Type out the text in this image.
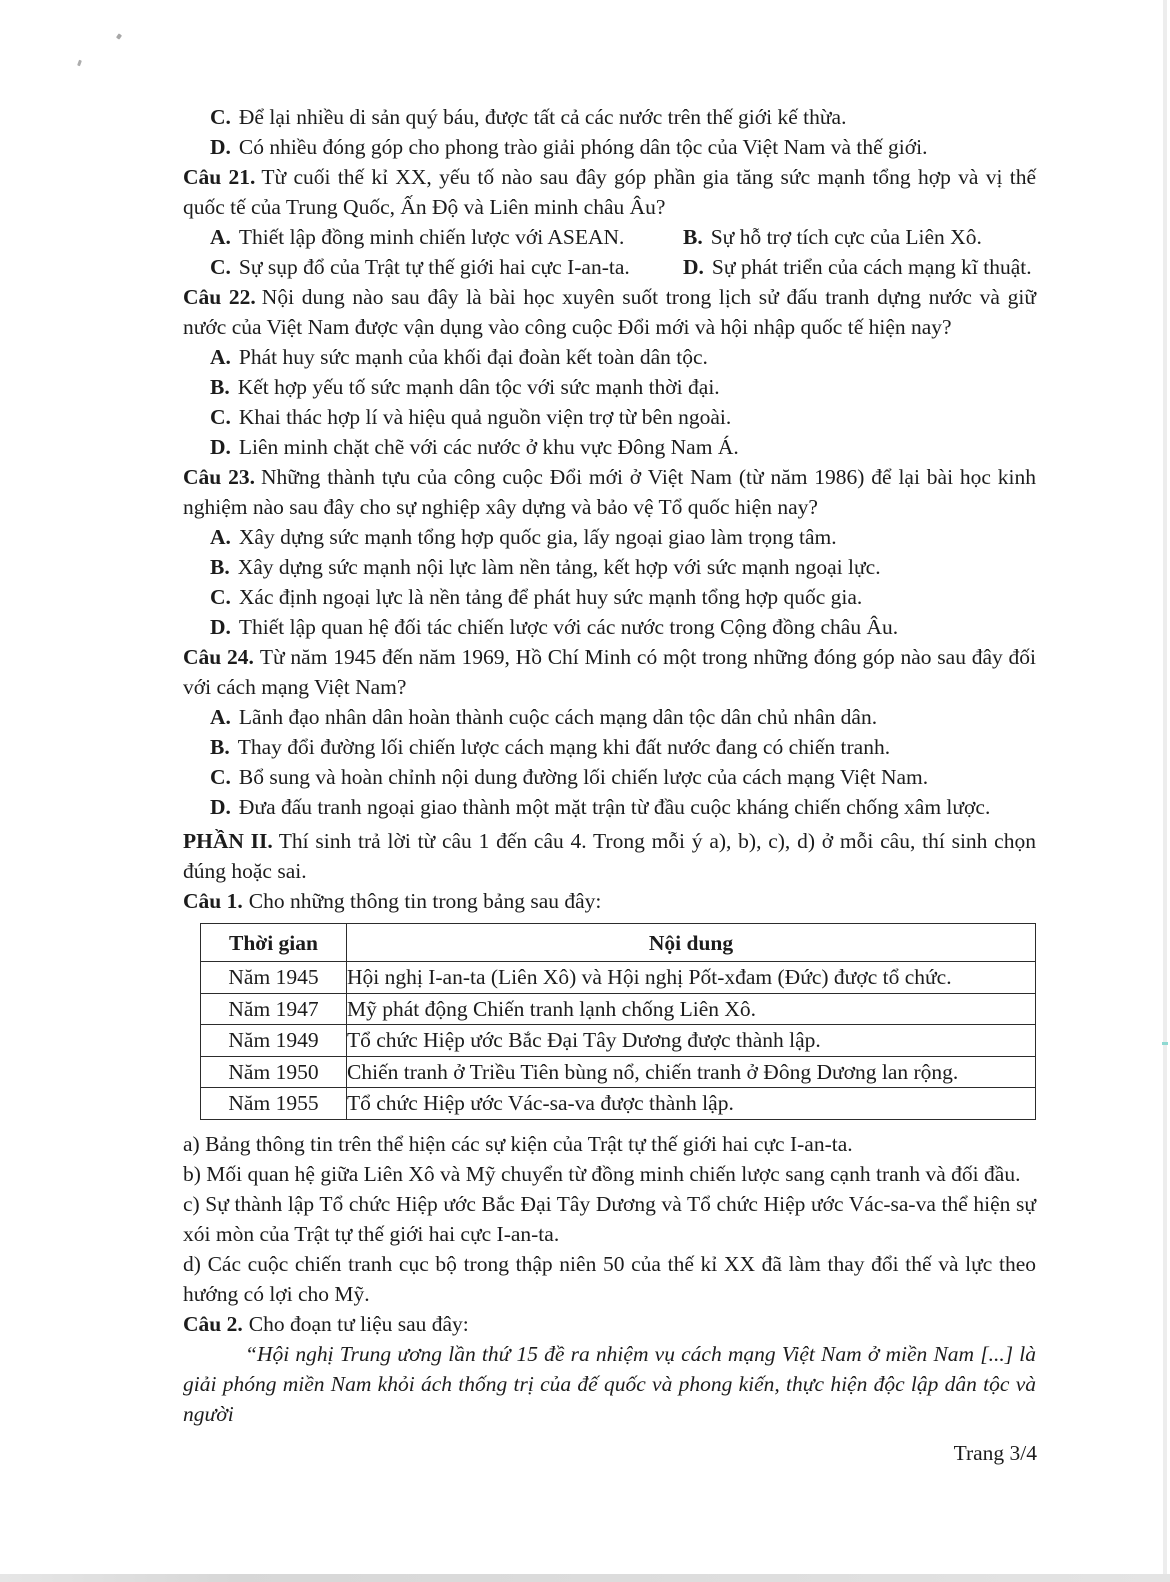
C. Để lại nhiều di sản quý báu, được tất cả các nước trên thế giới kế thừa.

D. Có nhiều đóng góp cho phong trào giải phóng dân tộc của Việt Nam và thế giới.

Câu 21. Từ cuối thế kỉ XX, yếu tố nào sau đây góp phần gia tăng sức mạnh tổng hợp và vị thế quốc tế của Trung Quốc, Ấn Độ và Liên minh châu Âu?

A. Thiết lập đồng minh chiến lược với ASEAN.	B. Sự hỗ trợ tích cực của Liên Xô.

C. Sự sụp đổ của Trật tự thế giới hai cực I-an-ta.	D. Sự phát triển của cách mạng kĩ thuật.

Câu 22. Nội dung nào sau đây là bài học xuyên suốt trong lịch sử đấu tranh dựng nước và giữ nước của Việt Nam được vận dụng vào công cuộc Đổi mới và hội nhập quốc tế hiện nay?

A. Phát huy sức mạnh của khối đại đoàn kết toàn dân tộc.

B. Kết hợp yếu tố sức mạnh dân tộc với sức mạnh thời đại.

C. Khai thác hợp lí và hiệu quả nguồn viện trợ từ bên ngoài.

D. Liên minh chặt chẽ với các nước ở khu vực Đông Nam Á.

Câu 23. Những thành tựu của công cuộc Đổi mới ở Việt Nam (từ năm 1986) để lại bài học kinh nghiệm nào sau đây cho sự nghiệp xây dựng và bảo vệ Tổ quốc hiện nay?

A. Xây dựng sức mạnh tổng hợp quốc gia, lấy ngoại giao làm trọng tâm.

B. Xây dựng sức mạnh nội lực làm nền tảng, kết hợp với sức mạnh ngoại lực.

C. Xác định ngoại lực là nền tảng để phát huy sức mạnh tổng hợp quốc gia.

D. Thiết lập quan hệ đối tác chiến lược với các nước trong Cộng đồng châu Âu.

Câu 24. Từ năm 1945 đến năm 1969, Hồ Chí Minh có một trong những đóng góp nào sau đây đối với cách mạng Việt Nam?

A. Lãnh đạo nhân dân hoàn thành cuộc cách mạng dân tộc dân chủ nhân dân.

B. Thay đổi đường lối chiến lược cách mạng khi đất nước đang có chiến tranh.

C. Bổ sung và hoàn chỉnh nội dung đường lối chiến lược của cách mạng Việt Nam.

D. Đưa đấu tranh ngoại giao thành một mặt trận từ đầu cuộc kháng chiến chống xâm lược.

PHẦN II. Thí sinh trả lời từ câu 1 đến câu 4. Trong mỗi ý a), b), c), d) ở mỗi câu, thí sinh chọn đúng hoặc sai.

Câu 1. Cho những thông tin trong bảng sau đây:

Thời gian	Nội dung
Năm 1945	Hội nghị I-an-ta (Liên Xô) và Hội nghị Pốt-xđam (Đức) được tổ chức.
Năm 1947	Mỹ phát động Chiến tranh lạnh chống Liên Xô.
Năm 1949	Tổ chức Hiệp ước Bắc Đại Tây Dương được thành lập.
Năm 1950	Chiến tranh ở Triều Tiên bùng nổ, chiến tranh ở Đông Dương lan rộng.
Năm 1955	Tổ chức Hiệp ước Vác-sa-va được thành lập.

a) Bảng thông tin trên thể hiện các sự kiện của Trật tự thế giới hai cực I-an-ta.

b) Mối quan hệ giữa Liên Xô và Mỹ chuyển từ đồng minh chiến lược sang cạnh tranh và đối đầu.

c) Sự thành lập Tổ chức Hiệp ước Bắc Đại Tây Dương và Tổ chức Hiệp ước Vác-sa-va thể hiện sự xói mòn của Trật tự thế giới hai cực I-an-ta.

d) Các cuộc chiến tranh cục bộ trong thập niên 50 của thế kỉ XX đã làm thay đổi thế và lực theo hướng có lợi cho Mỹ.

Câu 2. Cho đoạn tư liệu sau đây:

“Hội nghị Trung ương lần thứ 15 đề ra nhiệm vụ cách mạng Việt Nam ở miền Nam [...] là giải phóng miền Nam khỏi ách thống trị của đế quốc và phong kiến, thực hiện độc lập dân tộc và người

Trang 3/4
